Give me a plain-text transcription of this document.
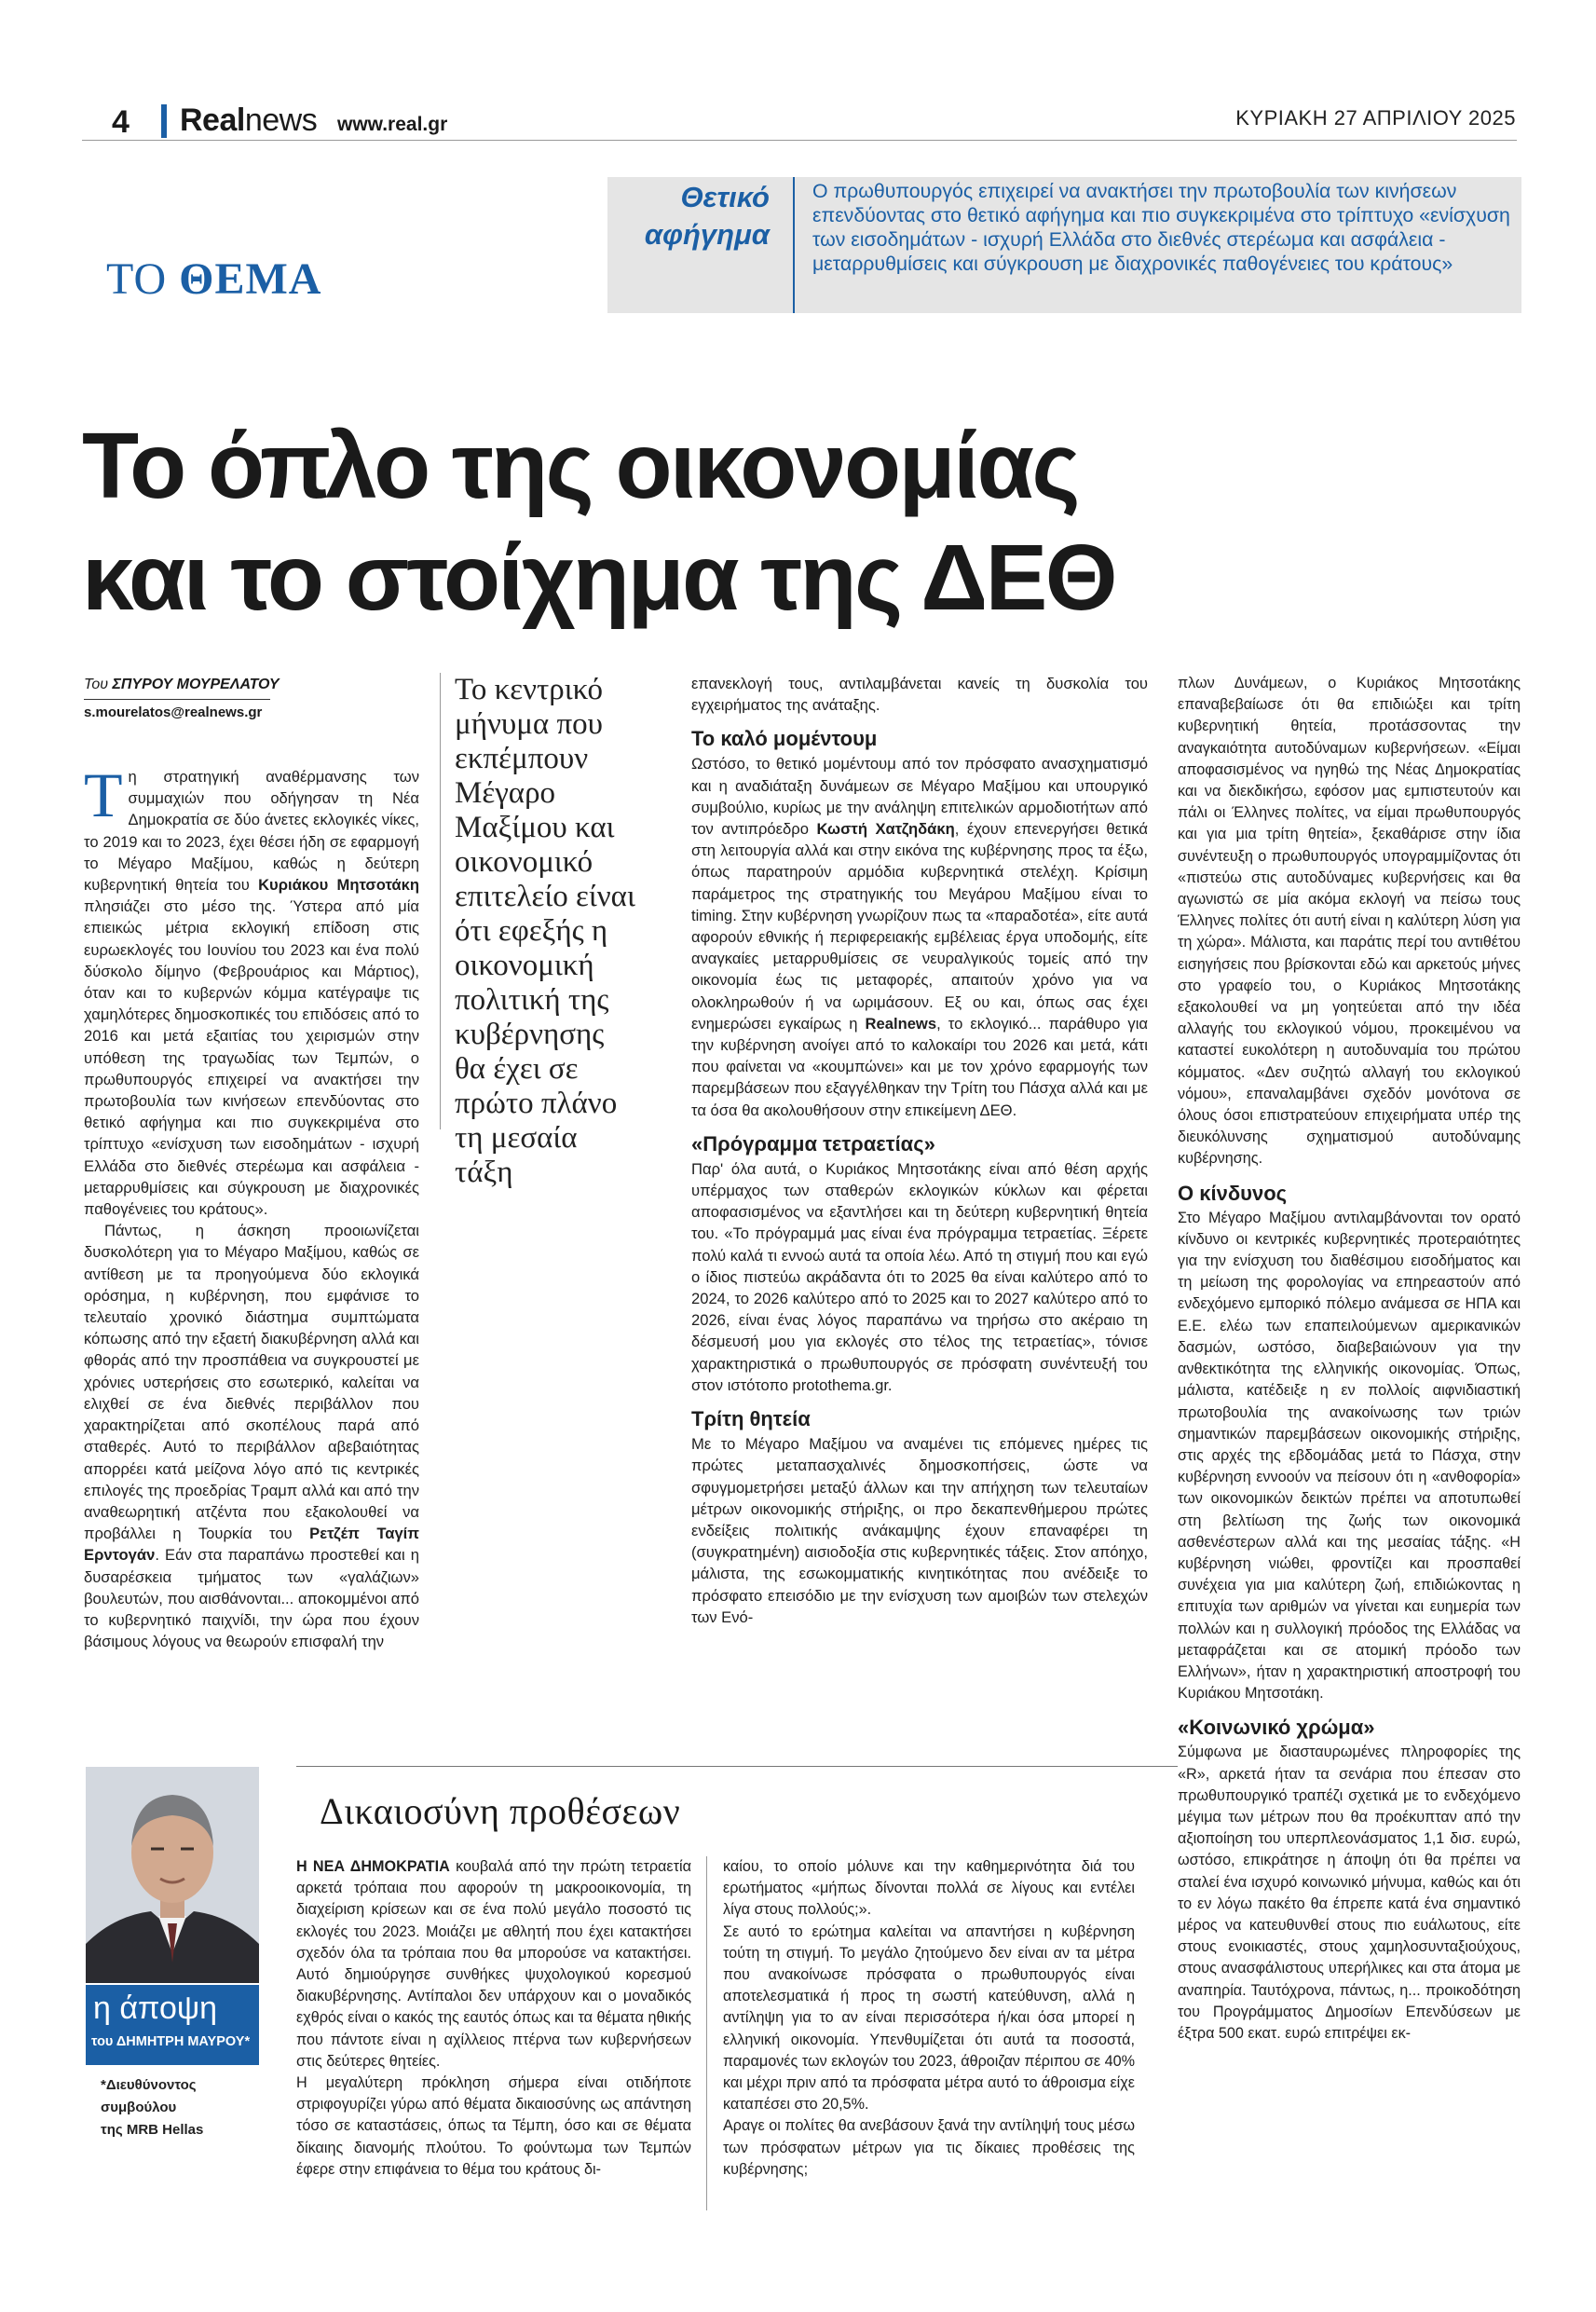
4 Realnews www.real.gr	ΚΥΡΙΑΚΗ 27 ΑΠΡΙΛΙΟΥ 2025
Θετικό
αφήγημα
Ο πρωθυπουργός επιχειρεί να ανακτήσει την πρωτοβουλία των κινήσεων επενδύοντας στο θετικό αφήγημα και πιο συγκεκριμένα στο τρίπτυχο «ενίσχυση των εισοδημάτων - ισχυρή Ελλάδα στο διεθνές στερέωμα και ασφάλεια - μεταρρυθμίσεις και σύγκρουση με διαχρονικές παθογένειες του κράτους»
ΤΟ ΘΕΜΑ
Το όπλο της οικονομίας
και το στοίχημα της ΔΕΘ
Του ΣΠΥΡΟΥ ΜΟΥΡΕΛΑΤΟΥ
s.mourelatos@realnews.gr

Τη στρατηγική αναθέρμανσης των συμμαχιών που οδήγησαν τη Νέα Δημοκρατία σε δύο άνετες εκλογικές νίκες, το 2019 και το 2023, έχει θέσει ήδη σε εφαρμογή το Μέγαρο Μαξίμου, καθώς η δεύτερη κυβερνητική θητεία του Κυριάκου Μητσοτάκη πλησιάζει στο μέσο της. Ύστερα από μία επιεικώς μέτρια εκλογική επίδοση στις ευρωεκλογές του Ιουνίου του 2023 και ένα πολύ δύσκολο δίμηνο (Φεβρουάριος και Μάρτιος), όταν και το κυβερνών κόμμα κατέγραψε τις χαμηλότερες δημοσκοπικές του επιδόσεις από το 2016 και μετά εξαιτίας του χειρισμών στην υπόθεση της τραγωδίας των Τεμπών, ο πρωθυπουργός επιχειρεί να ανακτήσει την πρωτοβουλία των κινήσεων επενδύοντας στο θετικό αφήγημα και πιο συγκεκριμένα στο τρίπτυχο «ενίσχυση των εισοδημάτων - ισχυρή Ελλάδα στο διεθνές στερέωμα και ασφάλεια - μεταρρυθμίσεις και σύγκρουση με διαχρονικές παθογένειες του κράτους».

Πάντως, η άσκηση προοιωνίζεται δυσκολότερη για το Μέγαρο Μαξίμου, καθώς σε αντίθεση με τα προηγούμενα δύο εκλογικά ορόσημα, η κυβέρνηση, που εμφάνισε το τελευταίο χρονικό διάστημα συμπτώματα κόπωσης από την εξαετή διακυβέρνηση αλλά και φθοράς από την προσπάθεια να συγκρουστεί με χρόνιες υστερήσεις στο εσωτερικό, καλείται να ελιχθεί σε ένα διεθνές περιβάλλον που χαρακτηρίζεται από σκοπέλους παρά από σταθερές. Αυτό το περιβάλλον αβεβαιότητας απορρέει κατά μείζονα λόγο από τις κεντρικές επιλογές της προεδρίας Τραμπ αλλά και από την αναθεωρητική ατζέντα που εξακολουθεί να προβάλλει η Τουρκία του Ρετζέπ Ταγίπ Ερντογάν. Εάν στα παραπάνω προστεθεί και η δυσαρέσκεια τμήματος των «γαλάζιων» βουλευτών, που αισθάνονται... αποκομμένοι από το κυβερνητικό παιχνίδι, την ώρα που έχουν βάσιμους λόγους να θεωρούν επισφαλή την

Το κεντρικό μήνυμα που εκπέμπουν Μέγαρο Μαξίμου και οικονομικό επιτελείο είναι ότι εφεξής η οικονομική πολιτική της κυβέρνησης θα έχει σε πρώτο πλάνο τη μεσαία τάξη

επανεκλογή τους, αντιλαμβάνεται κανείς τη δυσκολία του εγχειρήματος της ανάταξης.

Το καλό μομέντουμ

Ωστόσο, το θετικό μομέντουμ από τον πρόσφατο ανασχηματισμό και η αναδιάταξη δυνάμεων σε Μέγαρο Μαξίμου και υπουργικό συμβούλιο, κυρίως με την ανάληψη επιτελικών αρμοδιοτήτων από τον αντιπρόεδρο Κωστή Χατζηδάκη, έχουν επενεργήσει θετικά στη λειτουργία αλλά και στην εικόνα της κυβέρνησης προς τα έξω, όπως παρατηρούν αρμόδια κυβερνητικά στελέχη. Κρίσιμη παράμετρος της στρατηγικής του Μεγάρου Μαξίμου είναι το timing. Στην κυβέρνηση γνωρίζουν πως τα «παραδοτέα», είτε αυτά αφορούν εθνικής ή περιφερειακής εμβέλειας έργα υποδομής, είτε αναγκαίες μεταρρυθμίσεις σε νευραλγικούς τομείς από την οικονομία έως τις μεταφορές, απαιτούν χρόνο για να ολοκληρωθούν ή να ωριμάσουν. Εξ ου και, όπως σας έχει ενημερώσει εγκαίρως η Realnews, το εκλογικό... παράθυρο για την κυβέρνηση ανοίγει από το καλοκαίρι του 2026 και μετά, κάτι που φαίνεται να «κουμπώνει» και με τον χρόνο εφαρμογής των παρεμβάσεων που εξαγγέλθηκαν την Τρίτη του Πάσχα αλλά και με τα όσα θα ακολουθήσουν στην επικείμενη ΔΕΘ.

«Πρόγραμμα τετραετίας»

Παρ' όλα αυτά, ο Κυριάκος Μητσοτάκης είναι από θέση αρχής υπέρμαχος των σταθερών εκλογικών κύκλων και φέρεται αποφασισμένος να εξαντλήσει και τη δεύτερη κυβερνητική θητεία του. «Το πρόγραμμά μας είναι ένα πρόγραμμα τετραετίας. Ξέρετε πολύ καλά τι εννοώ αυτά τα οποία λέω. Από τη στιγμή που και εγώ ο ίδιος πιστεύω ακράδαντα ότι το 2025 θα είναι καλύτερο από το 2024, το 2026 καλύτερο από το 2025 και το 2027 καλύτερο από το 2026, είναι ένας λόγος παραπάνω να τηρήσω στο ακέραιο τη δέσμευσή μου για εκλογές στο τέλος της τετραετίας», τόνισε χαρακτηριστικά ο πρωθυπουργός σε πρόσφατη συνέντευξή του στον ιστότοπο protothema.gr.

Τρίτη θητεία

Με το Μέγαρο Μαξίμου να αναμένει τις επόμενες ημέρες τις πρώτες μεταπασχαλινές δημοσκοπήσεις, ώστε να σφυγμομετρήσει μεταξύ άλλων και την απήχηση των τελευταίων μέτρων οικονομικής στήριξης, οι προ δεκαπενθήμερου πρώτες ενδείξεις πολιτικής ανάκαμψης έχουν επαναφέρει τη (συγκρατημένη) αισιοδοξία στις κυβερνητικές τάξεις. Στον απόηχο, μάλιστα, της εσωκομματικής κινητικότητας που ανέδειξε το πρόσφατο επεισόδιο με την ενίσχυση των αμοιβών των στελεχών των Ενό-

πλων Δυνάμεων, ο Κυριάκος Μητσοτάκης επαναβεβαίωσε ότι θα επιδιώξει και τρίτη κυβερνητική θητεία, προτάσσοντας την αναγκαιότητα αυτοδύναμων κυβερνήσεων. «Είμαι αποφασισμένος να ηγηθώ της Νέας Δημοκρατίας και να διεκδικήσω, εφόσον μας εμπιστευτούν και πάλι οι Έλληνες πολίτες, να είμαι πρωθυπουργός και για μια τρίτη θητεία», ξεκαθάρισε στην ίδια συνέντευξη ο πρωθυπουργός υπογραμμίζοντας ότι «πιστεύω στις αυτοδύναμες κυβερνήσεις και θα αγωνιστώ σε μία ακόμα εκλογή να πείσω τους Έλληνες πολίτες ότι αυτή είναι η καλύτερη λύση για τη χώρα». Μάλιστα, και παράτις περί του αντιθέτου εισηγήσεις που βρίσκονται εδώ και αρκετούς μήνες στο γραφείο του, ο Κυριάκος Μητσοτάκης εξακολουθεί να μη γοητεύεται από την ιδέα αλλαγής του εκλογικού νόμου, προκειμένου να καταστεί ευκολότερη η αυτοδυναμία του πρώτου κόμματος. «Δεν συζητώ αλλαγή του εκλογικού νόμου», επαναλαμβάνει σχεδόν μονότονα σε όλους όσοι επιστρατεύουν επιχειρήματα υπέρ της διευκόλυνσης σχηματισμού αυτοδύναμης κυβέρνησης.

Ο κίνδυνος

Στο Μέγαρο Μαξίμου αντιλαμβάνονται τον ορατό κίνδυνο οι κεντρικές κυβερνητικές προτεραιότητες για την ενίσχυση του διαθέσιμου εισοδήματος και τη μείωση της φορολογίας να επηρεαστούν από ενδεχόμενο εμπορικό πόλεμο ανάμεσα σε ΗΠΑ και Ε.Ε. ελέω των επαπειλούμενων αμερικανικών δασμών, ωστόσο, διαβεβαιώνουν για την ανθεκτικότητα της ελληνικής οικονομίας. Όπως, μάλιστα, κατέδειξε η εν πολλοίς αιφνιδιαστική πρωτοβουλία της ανακοίνωσης των τριών σημαντικών παρεμβάσεων οικονομικής στήριξης, στις αρχές της εβδομάδας μετά το Πάσχα, στην κυβέρνηση εννοούν να πείσουν ότι η «ανθοφορία» των οικονομικών δεικτών πρέπει να αποτυπωθεί στη βελτίωση της ζωής των οικονομικά ασθενέστερων αλλά και της μεσαίας τάξης. «Η κυβέρνηση νιώθει, φροντίζει και προσπαθεί συνέχεια για μια καλύτερη ζωή, επιδιώκοντας η επιτυχία των αριθμών να γίνεται και ευημερία των πολλών και η συλλογική πρόοδος της Ελλάδας να μεταφράζεται και σε ατομική πρόοδο των Ελλήνων», ήταν η χαρακτηριστική αποστροφή του Κυριάκου Μητσοτάκη.

«Κοινωνικό χρώμα»

Σύμφωνα με διασταυρωμένες πληροφορίες της «R», αρκετά ήταν τα σενάρια που έπεσαν στο πρωθυπουργικό τραπέζι σχετικά με το ενδεχόμενο μέγιμα των μέτρων που θα προέκυπταν από την αξιοποίηση του υπερπλεονάσματος 1,1 δισ. ευρώ, ωστόσο, επικράτησε η άποψη ότι θα πρέπει να σταλεί ένα ισχυρό κοινωνικό μήνυμα, καθώς και ότι το εν λόγω πακέτο θα έπρεπε κατά ένα σημαντικό μέρος να κατευθυνθεί στους πιο ευάλωτους, είτε στους ενοικιαστές, στους χαμηλοσυνταξιούχους, στους ανασφάλιστους υπερήλικες και στα άτομα με αναπηρία. Ταυτόχρονα, πάντως, η... προικοδότηση του Προγράμματος Δημοσίων Επενδύσεων με έξτρα 500 εκατ. ευρώ επιτρέψει εκ-

Δικαιοσύνη προθέσεων
η άποψη
του ΔΗΜΗΤΡΗ ΜΑΥΡΟΥ*
*Διευθύνοντος
συμβούλου
της MRB Hellas

Η ΝΕΑ ΔΗΜΟΚΡΑΤΙΑ κουβαλά από την πρώτη τετραετία αρκετά τρόπαια που αφορούν τη μακροοικονομία, τη διαχείριση κρίσεων και σε ένα πολύ μεγάλο ποσοστό τις εκλογές του 2023. Μοιάζει με αθλητή που έχει κατακτήσει σχεδόν όλα τα τρόπαια που θα μπορούσε να κατακτήσει. Αυτό δημιούργησε συνθήκες ψυχολογικού κορεσμού διακυβέρνησης. Αντίπαλοι δεν υπάρχουν και ο μοναδικός εχθρός είναι ο κακός της εαυτός όπως και τα θέματα ηθικής που πάντοτε είναι η αχίλλειος πτέρνα των κυβερνήσεων στις δεύτερες θητείες.

Η μεγαλύτερη πρόκληση σήμερα είναι οτιδήποτε στριφογυρίζει γύρω από θέματα δικαιοσύνης ως απάντηση τόσο σε καταστάσεις, όπως τα Τέμπη, όσο και σε θέματα δίκαιης διανομής πλούτου. Το φούντωμα των Τεμπών έφερε στην επιφάνεια το θέμα του κράτους δι-

καίου, το οποίο μόλυνε και την καθημερινότητα διά του ερωτήματος «μήπως δίνονται πολλά σε λίγους και εντέλει λίγα στους πολλούς;».

Σε αυτό το ερώτημα καλείται να απαντήσει η κυβέρνηση τούτη τη στιγμή. Το μεγάλο ζητούμενο δεν είναι αν τα μέτρα που ανακοίνωσε πρόσφατα ο πρωθυπουργός είναι αποτελεσματικά ή προς τη σωστή κατεύθυνση, αλλά η αντίληψη για το αν είναι περισσότερα ή/και όσα μπορεί η ελληνική οικονομία. Υπενθυμίζεται ότι αυτά τα ποσοστά, παραμονές των εκλογών του 2023, άθροιζαν πέριπου σε 40% και μέχρι πριν από τα πρόσφατα μέτρα αυτό το άθροισμα είχε καταπέσει στο 20,5%.

Αραγε οι πολίτες θα ανεβάσουν ξανά την αντίληψή τους μέσω των πρόσφατων μέτρων για τις δίκαιες προθέσεις της κυβέρνησης;
